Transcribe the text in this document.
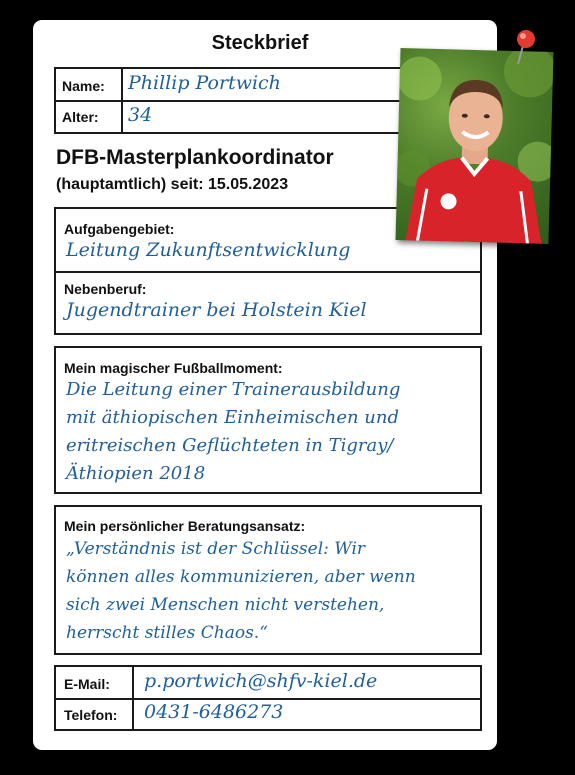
Steckbrief
Name: Phillip Portwich
Alter: 34
DFB-Masterplankoordinator
(hauptamtlich) seit: 15.05.2023
Aufgabengebiet:
Leitung Zukunftsentwicklung
Nebenberuf:
Jugendtrainer bei Holstein Kiel
Mein magischer Fußballmoment:
Die Leitung einer Trainerausbildung
mit äthiopischen Einheimischen und
eritreischen Geflüchteten in Tigray/
Äthiopien 2018
Mein persönlicher Beratungsansatz:
„Verständnis ist der Schlüssel: Wir
können alles kommunizieren, aber wenn
sich zwei Menschen nicht verstehen,
herrscht stilles Chaos.“
E-Mail: p.portwich@shfv-kiel.de
Telefon: 0431-6486273
